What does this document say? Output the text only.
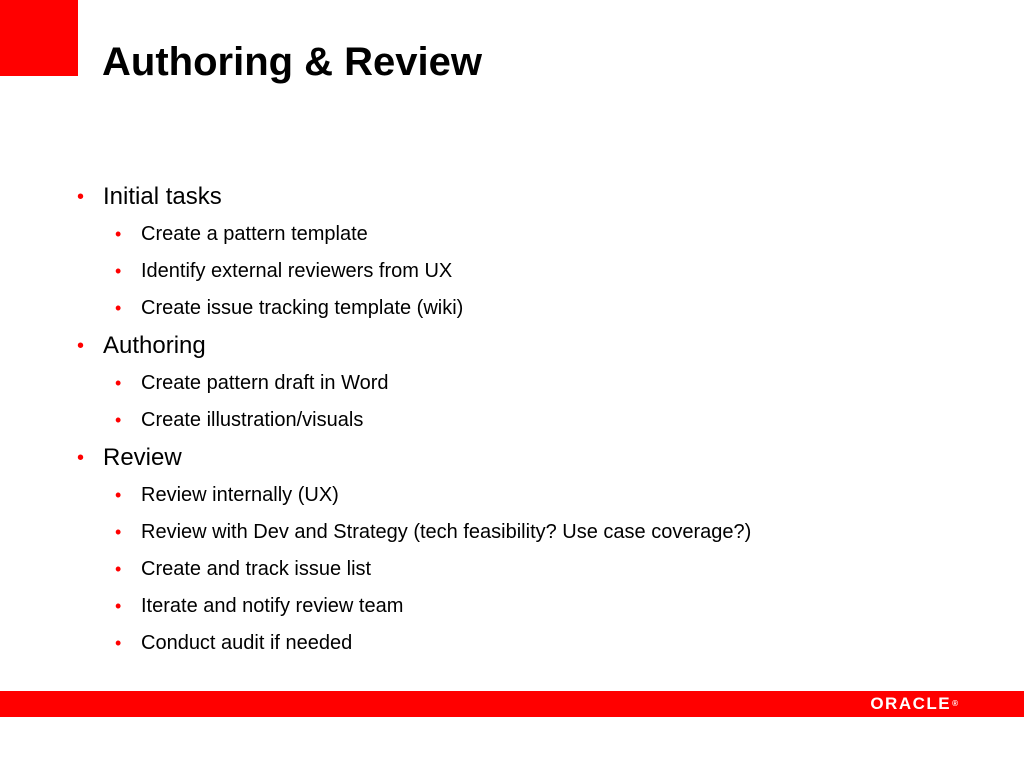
Authoring & Review
• Initial tasks
• Create a pattern template
• Identify external reviewers from UX
• Create issue tracking template (wiki)
• Authoring
• Create pattern draft in Word
• Create illustration/visuals
• Review
• Review internally (UX)
• Review with Dev and Strategy (tech feasibility? Use case coverage?)
• Create and track issue list
• Iterate and notify review team
• Conduct audit if needed
ORACLE®
